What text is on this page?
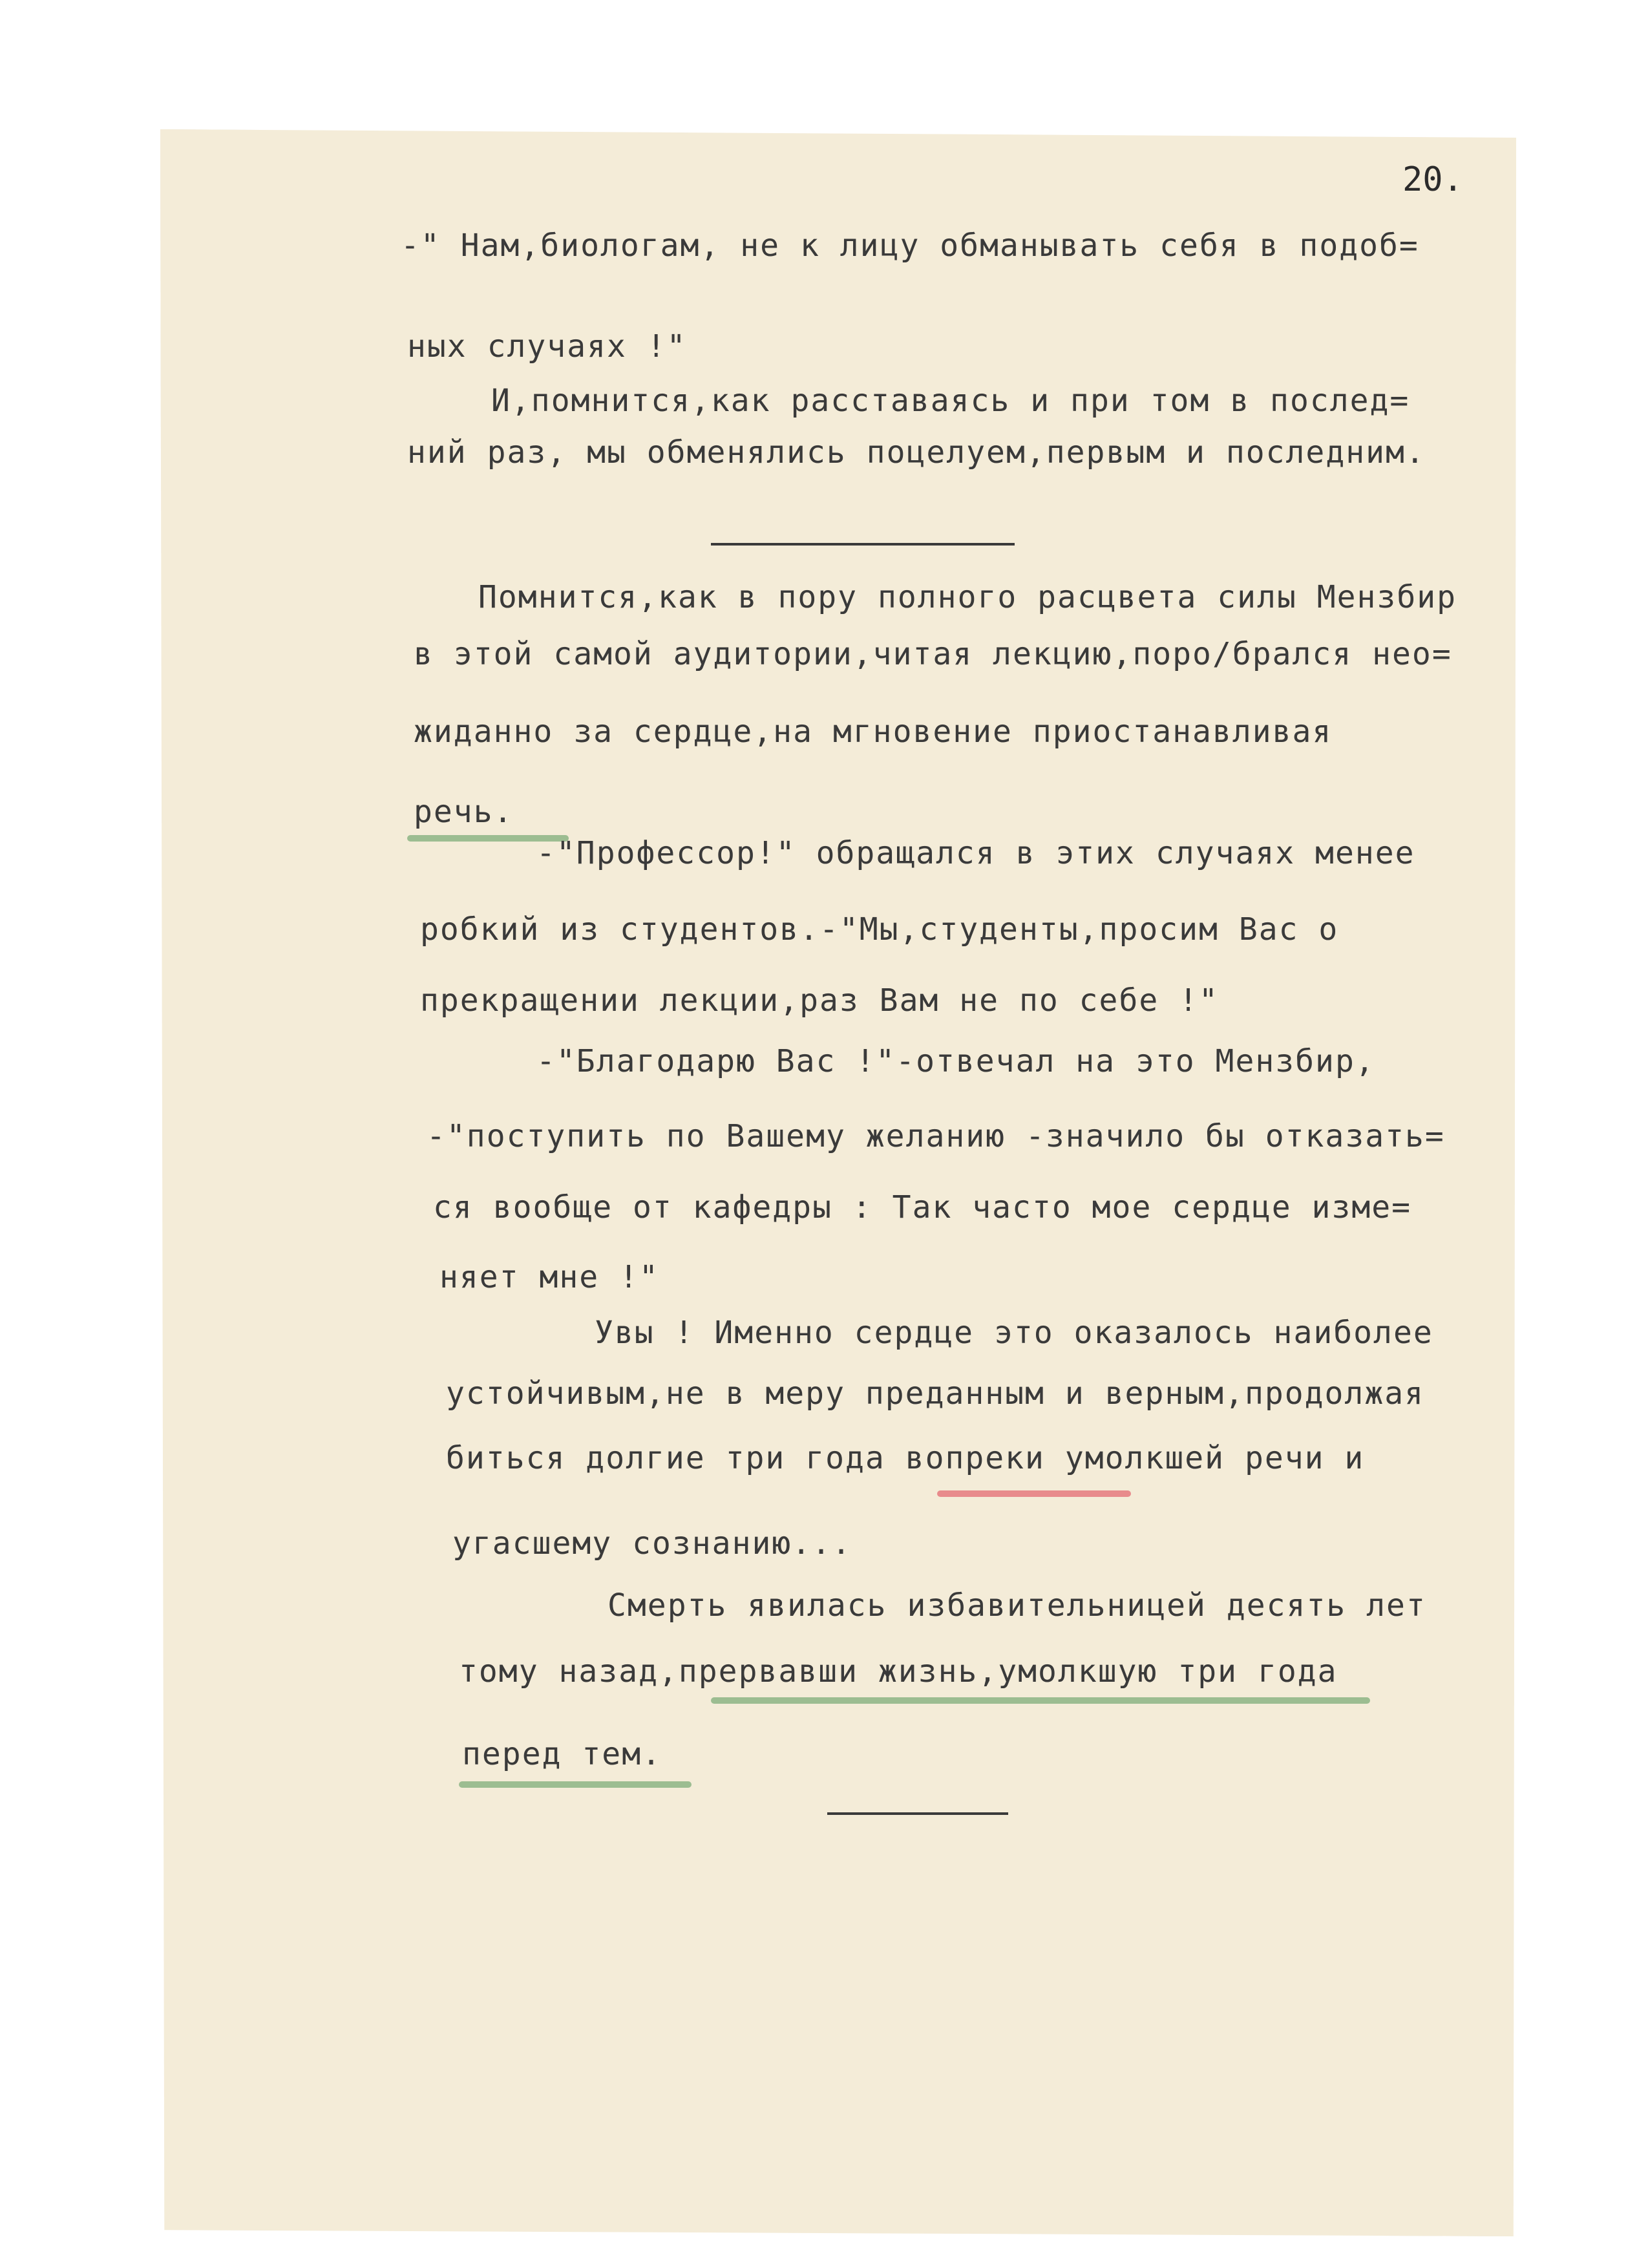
20.
-" Нам,биологам, не к лицу обманывать себя в подоб=
ных случаях !"
И,помнится,как расставаясь и при том в послед=
ний раз, мы обменялись поцелуем,первым и последним.
Помнится,как в пору полного расцвета силы Мензбир
в этой самой аудитории,читая лекцию,поро/брался нео=
жиданно за сердце,на мгновение приостанавливая
речь.
-"Профессор!" обращался в этих случаях менее
робкий из студентов.-"Мы,студенты,просим Вас о
прекращении лекции,раз Вам не по себе !"
-"Благодарю Вас !"-отвечал на это Мензбир,
-"поступить по Вашему желанию -значило бы отказать=
ся вообще от кафедры : Так часто мое сердце изме=
няет мне !"
Увы ! Именно сердце это оказалось наиболее
устойчивым,не в меру преданным и верным,продолжая
биться долгие три года вопреки умолкшей речи и
угасшему сознанию...
Смерть явилась избавительницей десять лет
тому назад,прервавши жизнь,умолкшую три года
перед тем.
